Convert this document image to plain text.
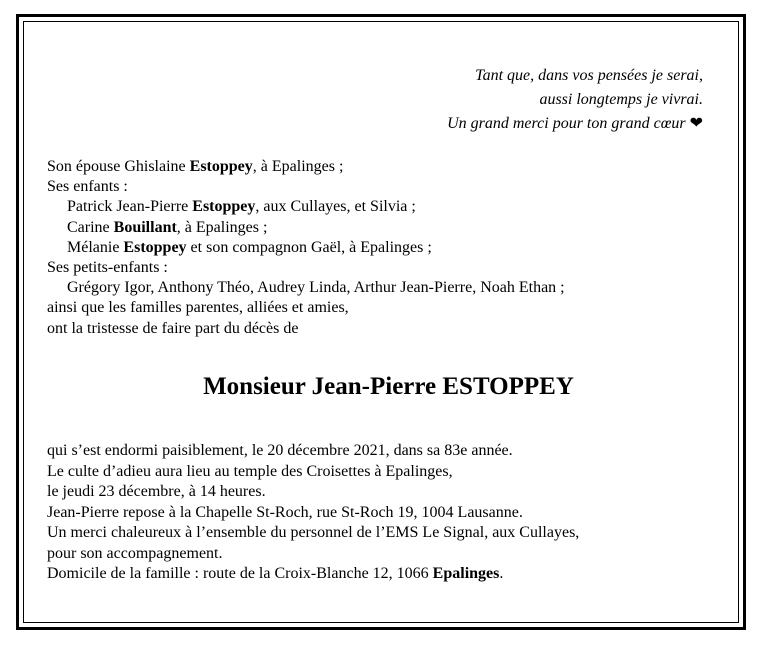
Tant que, dans vos pensées je serai,
aussi longtemps je vivrai.
Un grand merci pour ton grand cœur ❤
Son épouse Ghislaine Estoppey, à Epalinges ;
Ses enfants :
Patrick Jean-Pierre Estoppey, aux Cullayes, et Silvia ;
Carine Bouillant, à Epalinges ;
Mélanie Estoppey et son compagnon Gaël, à Epalinges ;
Ses petits-enfants :
Grégory Igor, Anthony Théo, Audrey Linda, Arthur Jean-Pierre, Noah Ethan ;
ainsi que les familles parentes, alliées et amies,
ont la tristesse de faire part du décès de
Monsieur Jean-Pierre ESTOPPEY
qui s’est endormi paisiblement, le 20 décembre 2021, dans sa 83e année.
Le culte d’adieu aura lieu au temple des Croisettes à Epalinges,
le jeudi 23 décembre, à 14 heures.
Jean-Pierre repose à la Chapelle St-Roch, rue St-Roch 19, 1004 Lausanne.
Un merci chaleureux à l’ensemble du personnel de l’EMS Le Signal, aux Cullayes,
pour son accompagnement.
Domicile de la famille : route de la Croix-Blanche 12, 1066 Epalinges.
